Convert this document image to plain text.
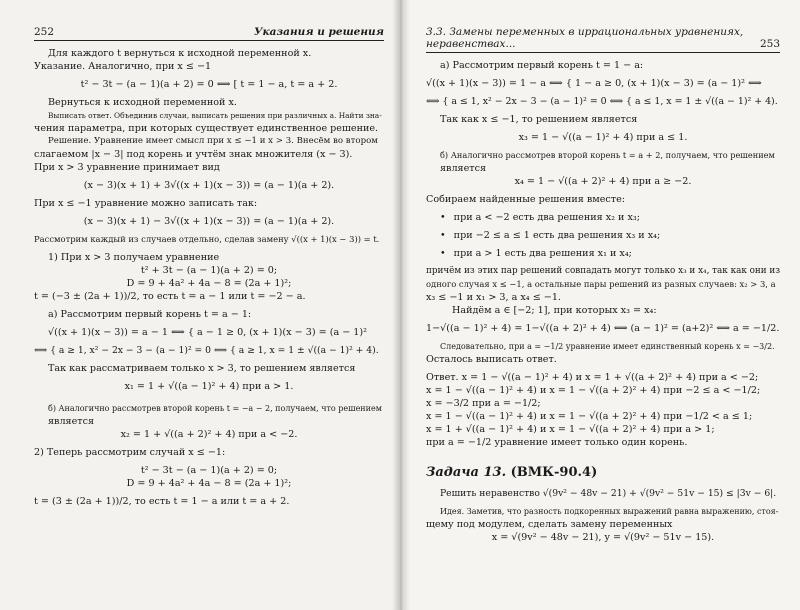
252	Указания и решения
Для каждого t вернуться к исходной переменной x.
Указание. Аналогично, при x ≤ −1
t² − 3t − (a − 1)(a + 2) = 0 ⟺ [ t = 1 − a, t = a + 2.
Вернуться к исходной переменной x.
Выписать ответ. Объединив случаи, выписать решения при различных a. Найти зна-
чения параметра, при которых существует единственное решение.
Решение. Уравнение имеет смысл при x ≤ −1 и x > 3. Внесём во втором
слагаемом |x − 3| под корень и учтём знак множителя (x − 3).
При x > 3 уравнение принимает вид
(x − 3)(x + 1) + 3√((x + 1)(x − 3)) = (a − 1)(a + 2).
При x ≤ −1 уравнение можно записать так:
(x − 3)(x + 1) − 3√((x + 1)(x − 3)) = (a − 1)(a + 2).
Рассмотрим каждый из случаев отдельно, сделав замену √((x + 1)(x − 3)) = t.
1) При x > 3 получаем уравнение
t² + 3t − (a − 1)(a + 2) = 0;
D = 9 + 4a² + 4a − 8 = (2a + 1)²;
t = (−3 ± (2a + 1))/2, то есть t = a − 1 или t = −2 − a.
а) Рассмотрим первый корень t = a − 1:
√((x + 1)(x − 3)) = a − 1 ⟺ { a − 1 ≥ 0, (x + 1)(x − 3) = (a − 1)²
⟺ { a ≥ 1, x² − 2x − 3 − (a − 1)² = 0 ⟺ { a ≥ 1, x = 1 ± √((a − 1)² + 4).
Так как рассматриваем только x > 3, то решением является
x₁ = 1 + √((a − 1)² + 4) при a > 1.
б) Аналогично рассмотрев второй корень t = −a − 2, получаем, что решением
является
x₂ = 1 + √((a + 2)² + 4) при a < −2.
2) Теперь рассмотрим случай x ≤ −1:
t² − 3t − (a − 1)(a + 2) = 0;
D = 9 + 4a² + 4a − 8 = (2a + 1)²;
t = (3 ± (2a + 1))/2, то есть t = 1 − a или t = a + 2.
3.3. Замены переменных в иррациональных уравнениях, неравенствах...	253
а) Рассмотрим первый корень t = 1 − a:
√((x + 1)(x − 3)) = 1 − a ⟺ { 1 − a ≥ 0, (x + 1)(x − 3) = (a − 1)² ⟺
⟺ { a ≤ 1, x² − 2x − 3 − (a − 1)² = 0 ⟺ { a ≤ 1, x = 1 ± √((a − 1)² + 4).
Так как x ≤ −1, то решением является
x₃ = 1 − √((a − 1)² + 4) при a ≤ 1.
б) Аналогично рассмотрев второй корень t = a + 2, получаем, что решением
является
x₄ = 1 − √((a + 2)² + 4) при a ≥ −2.
Собираем найденные решения вместе:
• при a < −2 есть два решения x₂ и x₃;
• при −2 ≤ a ≤ 1 есть два решения x₃ и x₄;
• при a > 1 есть два решения x₁ и x₄;
причём из этих пар решений совпадать могут только x₃ и x₄, так как они из
одного случая x ≤ −1, а остальные пары решений из разных случаев: x₂ > 3, а
x₃ ≤ −1 и x₁ > 3, а x₄ ≤ −1.
Найдём a ∈ [−2; 1], при которых x₃ = x₄:
1−√((a − 1)² + 4) = 1−√((a + 2)² + 4) ⟺ (a − 1)² = (a+2)² ⟺ a = −1/2.
Следовательно, при a = −1/2 уравнение имеет единственный корень x = −3/2.
Осталось выписать ответ.
Ответ. x = 1 − √((a − 1)² + 4) и x = 1 + √((a + 2)² + 4) при a < −2;
x = 1 − √((a − 1)² + 4) и x = 1 − √((a + 2)² + 4) при −2 ≤ a < −1/2;
x = −3/2 при a = −1/2;
x = 1 − √((a − 1)² + 4) и x = 1 − √((a + 2)² + 4) при −1/2 < a ≤ 1;
x = 1 + √((a − 1)² + 4) и x = 1 − √((a + 2)² + 4) при a > 1;
при a = −1/2 уравнение имеет только один корень.
Задача 13. (ВМК-90.4)
Решить неравенство √(9v² − 48v − 21) + √(9v² − 51v − 15) ≤ |3v − 6|.
Идея. Заметив, что разность подкоренных выражений равна выражению, стоя-
щему под модулем, сделать замену переменных
x = √(9v² − 48v − 21), y = √(9v² − 51v − 15).
